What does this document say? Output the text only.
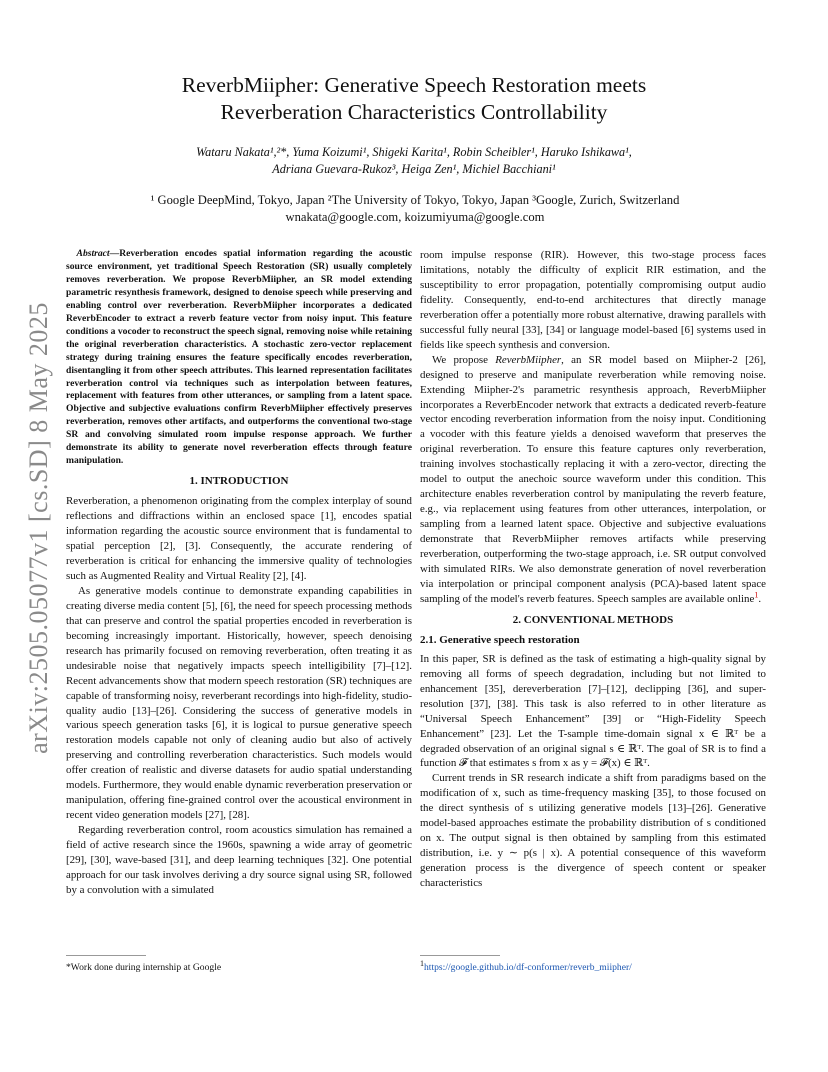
arXiv:2505.05077v1 [cs.SD] 8 May 2025
ReverbMiipher: Generative Speech Restoration meets Reverberation Characteristics Controllability
Wataru Nakata¹,²*, Yuma Koizumi¹, Shigeki Karita¹, Robin Scheibler¹, Haruko Ishikawa¹,
Adriana Guevara-Rukoz³, Heiga Zen¹, Michiel Bacchiani¹
¹ Google DeepMind, Tokyo, Japan ²The University of Tokyo, Tokyo, Japan ³Google, Zurich, Switzerland
wnakata@google.com, koizumiyuma@google.com

Abstract—Reverberation encodes spatial information regarding the acoustic source environment, yet traditional Speech Restoration (SR) usually completely removes reverberation. We propose ReverbMiipher, an SR model extending parametric resynthesis framework, designed to denoise speech while preserving and enabling control over reverberation. ReverbMiipher incorporates a dedicated ReverbEncoder to extract a reverb feature vector from noisy input. This feature conditions a vocoder to reconstruct the speech signal, removing noise while retaining the original reverberation characteristics. A stochastic zero-vector replacement strategy during training ensures the feature specifically encodes reverberation, disentangling it from other speech attributes. This learned representation facilitates reverberation control via techniques such as interpolation between features, replacement with features from other utterances, or sampling from a latent space. Objective and subjective evaluations confirm ReverbMiipher effectively preserves reverberation, removes other artifacts, and outperforms the conventional two-stage SR and convolving simulated room impulse response approach. We further demonstrate its ability to generate novel reverberation effects through feature manipulation.

1. INTRODUCTION

Reverberation, a phenomenon originating from the complex interplay of sound reflections and diffractions within an enclosed space [1], encodes spatial information regarding the acoustic source environment that is fundamental to spatial perception [2], [3]. Consequently, the accurate rendering of reverberation is critical for enhancing the immersive quality of technologies such as Augmented Reality and Virtual Reality [2], [4].

As generative models continue to demonstrate expanding capabilities in creating diverse media content [5], [6], the need for speech processing methods that can preserve and control the spatial properties encoded in reverberation is becoming increasingly important. Historically, however, speech denoising research has primarily focused on removing reverberation, often treating it as undesirable noise that negatively impacts speech intelligibility [7]–[12]. Recent advancements show that modern speech restoration (SR) techniques are capable of transforming noisy, reverberant recordings into high-fidelity, studio-quality audio [13]–[26]. Considering the success of generative models in various speech generation tasks [6], it is logical to pursue generative speech restoration models capable not only of cleaning audio but also of actively preserving and controlling reverberation characteristics. Such models would offer creation of realistic and diverse datasets for audio spatial understanding models. Furthermore, they would enable dynamic reverberation preservation or manipulation, offering fine-grained control over the acoustical environment in recent video generation models [27], [28].

Regarding reverberation control, room acoustics simulation has remained a field of active research since the 1960s, spawning a wide array of geometric [29], [30], wave-based [31], and deep learning techniques [32]. One potential approach for our task involves deriving a dry source signal using SR, followed by a convolution with a simulated

room impulse response (RIR). However, this two-stage process faces limitations, notably the difficulty of explicit RIR estimation, and the susceptibility to error propagation, potentially compromising output audio fidelity. Consequently, end-to-end architectures that directly manage reverberation offer a potentially more robust alternative, drawing parallels with successful fully neural [33], [34] or language model-based [6] systems used in fields like speech synthesis and conversion.

We propose ReverbMiipher, an SR model based on Miipher-2 [26], designed to preserve and manipulate reverberation while removing noise. Extending Miipher-2's parametric resynthesis approach, ReverbMiipher incorporates a ReverbEncoder network that extracts a dedicated reverb-feature vector encoding reverberation information from the noisy input. Conditioning a vocoder with this feature yields a denoised waveform that preserves the original reverberation. To ensure this feature captures only reverberation, training involves stochastically replacing it with a zero-vector, directing the model to output the anechoic source waveform under this condition. This architecture enables reverberation control by manipulating the reverb feature, e.g., via replacement using features from other utterances, interpolation, or sampling from a learned latent space. Objective and subjective evaluations demonstrate that ReverbMiipher removes artifacts while preserving reverberation, outperforming the two-stage approach, i.e. SR output convolved with simulated RIRs. We also demonstrate generation of novel reverberation via interpolation or principal component analysis (PCA)-based latent space sampling of the model's reverb features. Speech samples are available online$^1$.

2. CONVENTIONAL METHODS
2.1. Generative speech restoration

In this paper, SR is defined as the task of estimating a high-quality signal by removing all forms of speech degradation, including but not limited to enhancement [35], dereverberation [7]–[12], declipping [36], and super-resolution [37], [38]. This task is also referred to in other literature as “Universal Speech Enhancement” [39] or “High-Fidelity Speech Enhancement” [23]. Let the T-sample time-domain signal x ∈ ℝᵀ be a degraded observation of an original signal s ∈ ℝᵀ. The goal of SR is to find a function 𝓕 that estimates s from x as y = 𝓕(x) ∈ ℝᵀ.

Current trends in SR research indicate a shift from paradigms based on the modification of x, such as time-frequency masking [35], to those focused on the direct synthesis of s utilizing generative models [13]–[26]. Generative model-based approaches estimate the probability distribution of s conditioned on x. The output signal is then obtained by sampling from this estimated distribution, i.e. y ∼ p(s | x). A potential consequence of this waveform generation process is the divergence of speech content or speaker characteristics

*Work done during internship at Google	$^1$https://google.github.io/df-conformer/reverb_miipher/
